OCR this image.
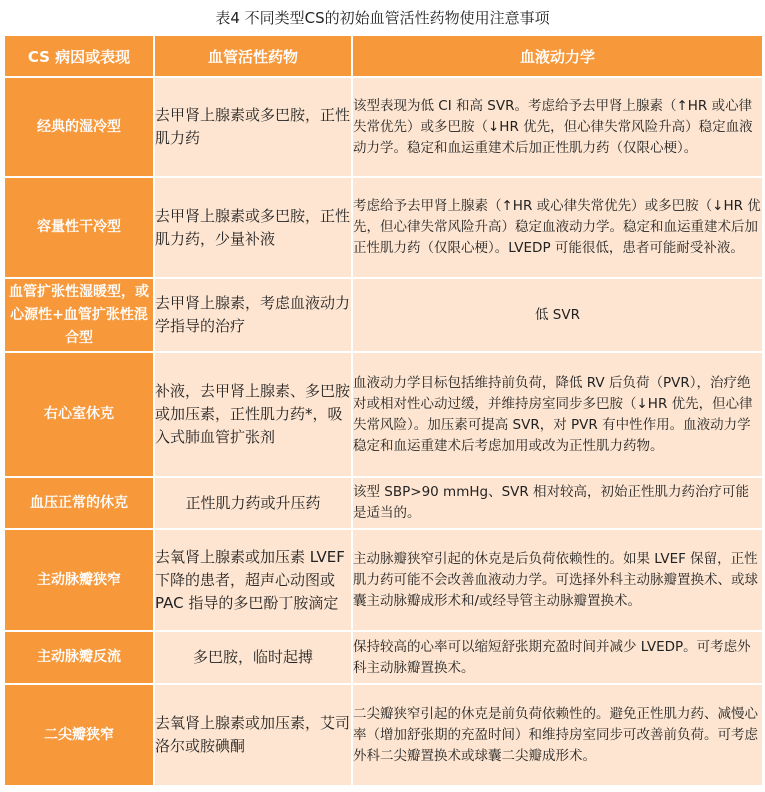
表4 不同类型CS的初始血管活性药物使用注意事项
CS 病因或表现	血管活性药物	血液动力学
经典的湿冷型	去甲肾上腺素或多巴胺，正性肌力药	该型表现为低 CI 和高 SVR。考虑给予去甲肾上腺素（↑HR 或心律失常优先）或多巴胺（↓HR 优先，但心律失常风险升高）稳定血液动力学。稳定和血运重建术后加正性肌力药（仅限心梗）。
容量性干冷型	去甲肾上腺素或多巴胺，正性肌力药，少量补液	考虑给予去甲肾上腺素（↑HR 或心律失常优先）或多巴胺（↓HR 优先，但心律失常风险升高）稳定血液动力学。稳定和血运重建术后加正性肌力药（仅限心梗）。LVEDP 可能很低，患者可能耐受补液。
血管扩张性湿暖型，或心源性+血管扩张性混合型	去甲肾上腺素，考虑血液动力学指导的治疗	低 SVR
右心室休克	补液，去甲肾上腺素、多巴胺或加压素，正性肌力药*，吸入式肺血管扩张剂	血液动力学目标包括维持前负荷，降低 RV 后负荷（PVR），治疗绝对或相对性心动过缓，并维持房室同步多巴胺（↓HR 优先，但心律失常风险）。加压素可提高 SVR，对 PVR 有中性作用。血液动力学稳定和血运重建术后考虑加用或改为正性肌力药物。
血压正常的休克	正性肌力药或升压药	该型 SBP>90 mmHg、SVR 相对较高，初始正性肌力药治疗可能是适当的。
主动脉瓣狭窄	去氧肾上腺素或加压素 LVEF 下降的患者，超声心动图或 PAC 指导的多巴酚丁胺滴定	主动脉瓣狭窄引起的休克是后负荷依赖性的。如果 LVEF 保留，正性肌力药可能不会改善血液动力学。可选择外科主动脉瓣置换术、或球囊主动脉瓣成形术和/或经导管主动脉瓣置换术。
主动脉瓣反流	多巴胺，临时起搏	保持较高的心率可以缩短舒张期充盈时间并减少 LVEDP。可考虑外科主动脉瓣置换术。
二尖瓣狭窄	去氧肾上腺素或加压素，艾司洛尔或胺碘酮	二尖瓣狭窄引起的休克是前负荷依赖性的。避免正性肌力药、减慢心率（增加舒张期的充盈时间）和维持房室同步可改善前负荷。可考虑外科二尖瓣置换术或球囊二尖瓣成形术。
